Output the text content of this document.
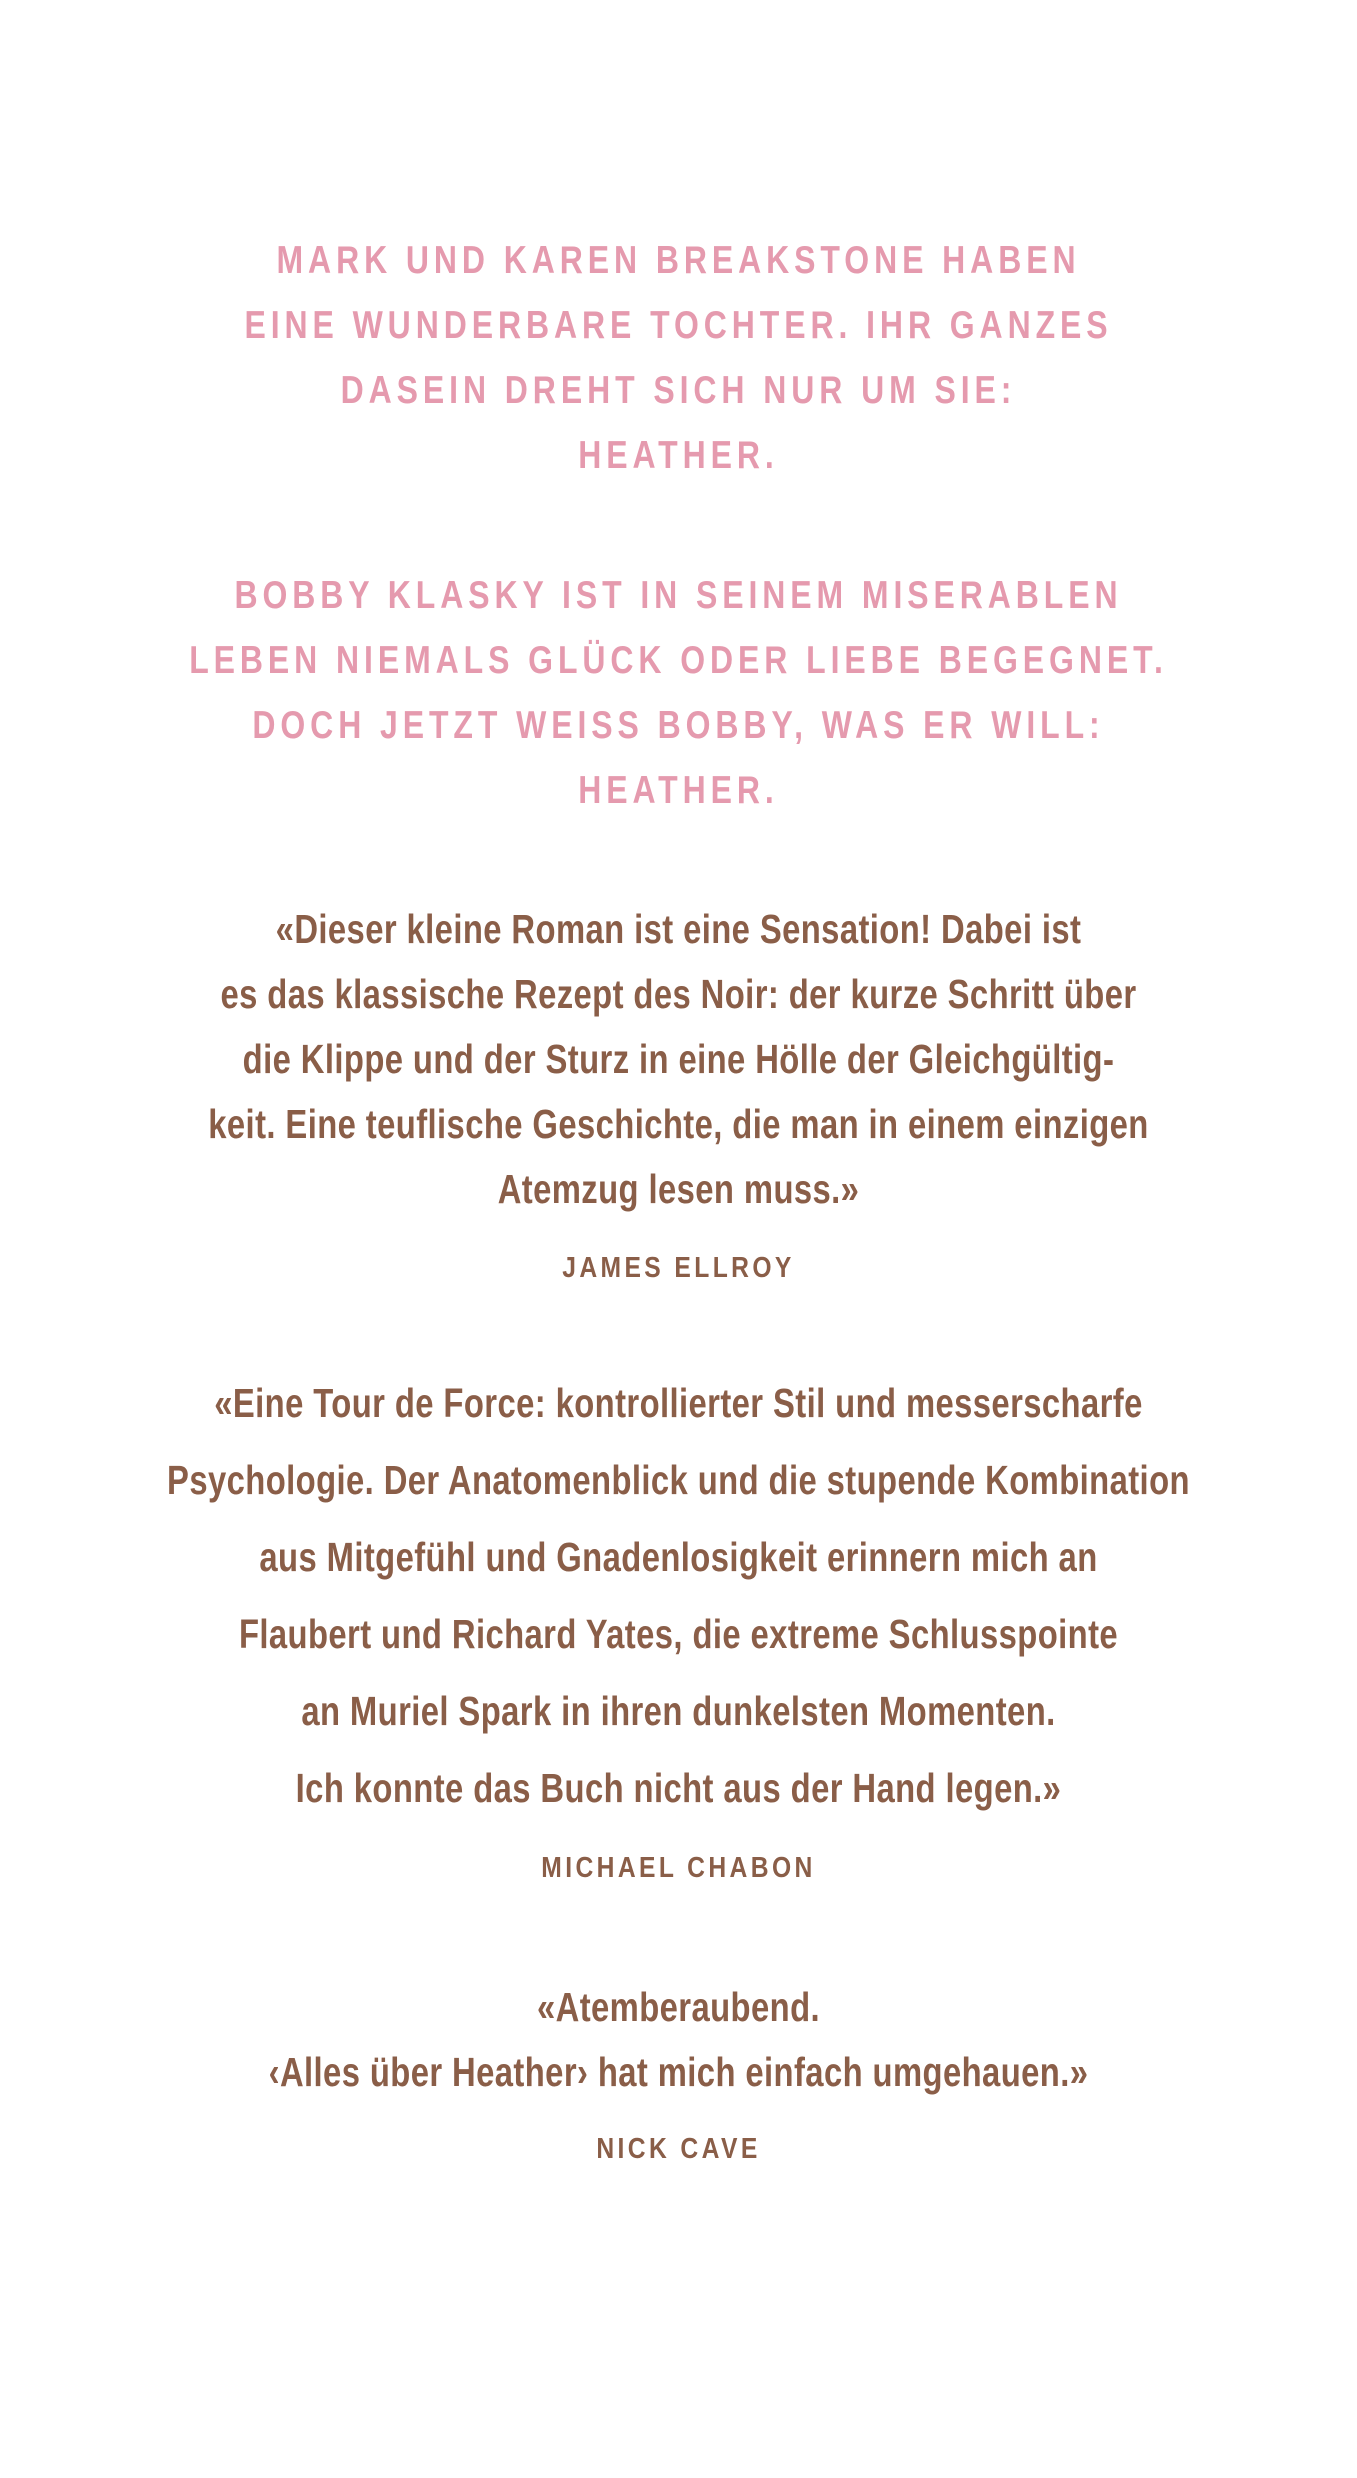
MARK UND KAREN BREAKSTONE HABEN
EINE WUNDERBARE TOCHTER. IHR GANZES
DASEIN DREHT SICH NUR UM SIE:
HEATHER.
BOBBY KLASKY IST IN SEINEM MISERABLEN
LEBEN NIEMALS GLÜCK ODER LIEBE BEGEGNET.
DOCH JETZT WEISS BOBBY, WAS ER WILL:
HEATHER.
«Dieser kleine Roman ist eine Sensation! Dabei ist
es das klassische Rezept des Noir: der kurze Schritt über
die Klippe und der Sturz in eine Hölle der Gleichgültig-
keit. Eine teuflische Geschichte, die man in einem einzigen
Atemzug lesen muss.»
JAMES ELLROY
«Eine Tour de Force: kontrollierter Stil und messerscharfe
Psychologie. Der Anatomenblick und die stupende Kombination
aus Mitgefühl und Gnadenlosigkeit erinnern mich an
Flaubert und Richard Yates, die extreme Schlusspointe
an Muriel Spark in ihren dunkelsten Momenten.
Ich konnte das Buch nicht aus der Hand legen.»
MICHAEL CHABON
«Atemberaubend.
‹Alles über Heather› hat mich einfach umgehauen.»
NICK CAVE
